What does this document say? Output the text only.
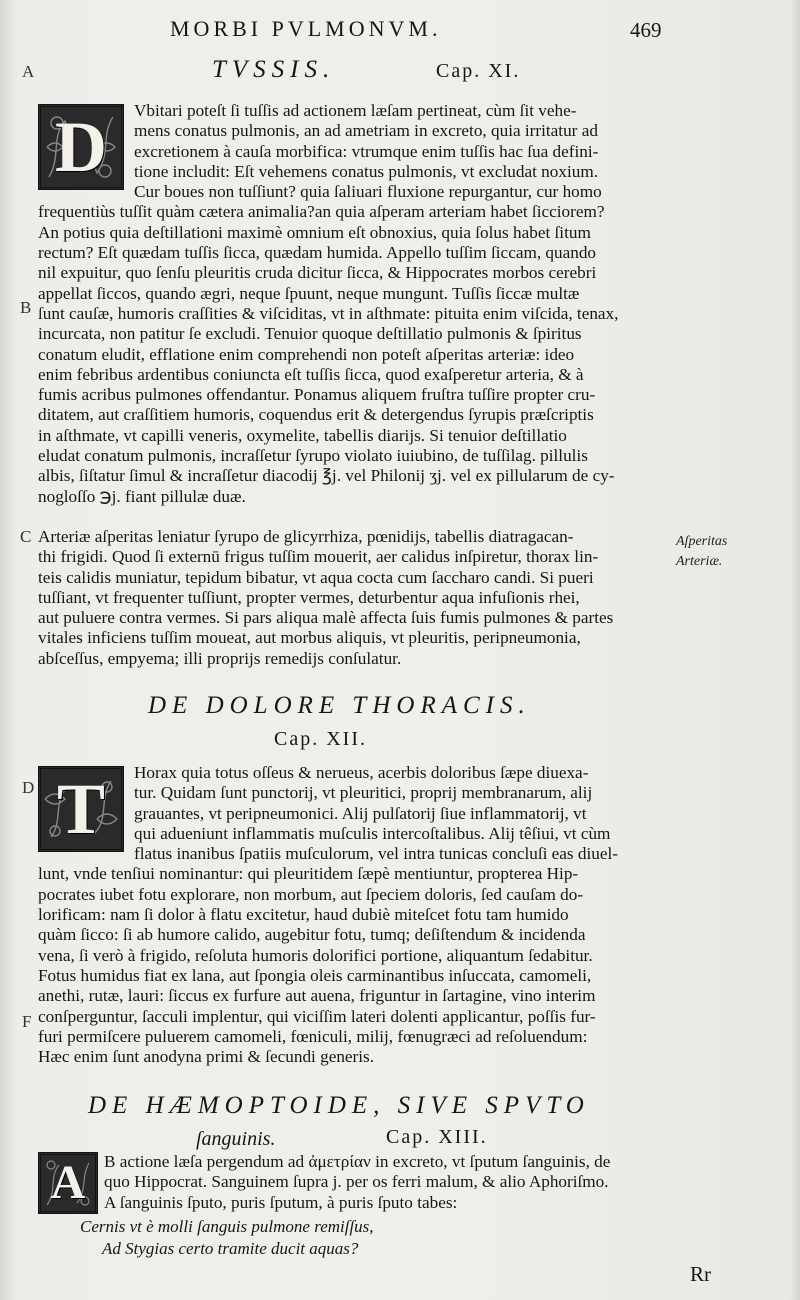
MORBI PVLMONVM.	469
A	TVSSIS.	Cap. XI.
D	Vbitari poteſt ſi tuſſis ad actionem læſam pertineat, cùm ſit vehe-
mens conatus pulmonis, an ad ametriam in excreto, quia irritatur ad
excretionem à cauſa morbifica: vtrumque enim tuſſis hac ſua defini-
tione includit: Eſt vehemens conatus pulmonis, vt excludat noxium.
Cur boues non tuſſiunt? quia ſaliuari fluxione repurgantur, cur homo
frequentiùs tuſſit quàm cætera animalia?an quia aſperam arteriam habet ſicciorem?
An potius quia deſtillationi maximè omnium eſt obnoxius, quia ſolus habet ſitum
rectum? Eſt quædam tuſſis ſicca, quædam humida. Appello tuſſim ſiccam, quando
nil expuitur, quo ſenſu pleuritis cruda dicitur ſicca, & Hippocrates morbos cerebri
appellat ſiccos, quando ægri, neque ſpuunt, neque mungunt. Tuſſis ſiccæ multæ
ſunt cauſæ, humoris craſſities & viſciditas, vt in aſthmate: pituita enim viſcida, tenax,
incurcata, non patitur ſe excludi. Tenuior quoque deſtillatio pulmonis & ſpiritus
conatum eludit, efflatione enim comprehendi non poteſt aſperitas arteriæ: ideo
enim febribus ardentibus coniuncta eſt tuſſis ſicca, quod exaſperetur arteria, & à
fumis acribus pulmones offendantur. Ponamus aliquem fruſtra tuſſire propter cru-
ditatem, aut craſſitiem humoris, coquendus erit & detergendus ſyrupis præſcriptis
in aſthmate, vt capilli veneris, oxymelite, tabellis diarijs. Si tenuior deſtillatio
eludat conatum pulmonis, incraſſetur ſyrupo violato iuiubino, de tuſſilag. pillulis
albis, ſiſtatur ſimul & incraſſetur diacodij ℥j. vel Philonij ʒj. vel ex pillularum de cy-
nogloſſo ℈j. fiant pillulæ duæ.
B
C Arteriæ aſperitas leniatur ſyrupo de glicyrrhiza, pœnidijs, tabellis diatragacan-
thi frigidi. Quod ſi externū frigus tuſſim mouerit, aer calidus inſpiretur, thorax lin-
teis calidis muniatur, tepidum bibatur, vt aqua cocta cum ſaccharo candi. Si pueri
tuſſiant, vt frequenter tuſſiunt, propter vermes, deturbentur aqua infuſionis rhei,
aut puluere contra vermes. Si pars aliqua malè affecta ſuis fumis pulmones & partes
vitales inficiens tuſſim moueat, aut morbus aliquis, vt pleuritis, peripneumonia,
abſceſſus, empyema; illi proprijs remedijs conſulatur.
Aſperitas
Arteriæ.
DE DOLORE THORACIS.
Cap. XII.
D T	Horax quia totus oſſeus & nerueus, acerbis doloribus ſæpe diuexa-
tur. Quidam ſunt punctorij, vt pleuritici, proprij membranarum, alij
grauantes, vt peripneumonici. Alij pulſatorij ſiue inflammatorij, vt
qui adueniunt inflammatis muſculis intercoſtalibus. Alij têſiui, vt cùm
flatus inanibus ſpatiis muſculorum, vel intra tunicas concluſi eas diuel-
lunt, vnde tenſiui nominantur: qui pleuritidem ſæpè mentiuntur, propterea Hip-
pocrates iubet fotu explorare, non morbum, aut ſpeciem doloris, ſed cauſam do-
lorificam: nam ſi dolor à flatu excitetur, haud dubiè miteſcet fotu tam humido
quàm ſicco: ſi ab humore calido, augebitur fotu, tumq; deſiſtendum & incidenda
vena, ſi verò à frigido, reſoluta humoris dolorifici portione, aliquantum ſedabitur.
Fotus humidus fiat ex lana, aut ſpongia oleis carminantibus inſuccata, camomeli,
anethi, rutæ, lauri: ſiccus ex furfure aut auena, friguntur in ſartagine, vino interim
conſperguntur, ſacculi implentur, qui viciſſim lateri dolenti applicantur, poſſis fur-
furi permiſcere puluerem camomeli, fœniculi, milij, fœnugræci ad reſoluendum:
Hæc enim ſunt anodyna primi & ſecundi generis.
F
DE HÆMOPTOIDE, SIVE SPVTO
ſanguinis.	Cap. XIII.
A	B actione læſa pergendum ad ἀμετρίαν in excreto, vt ſputum ſanguinis, de
quo Hippocrat. Sanguinem ſupra j. per os ferri malum, & alio Aphoriſmo.
A ſanguinis ſputo, puris ſputum, à puris ſputo tabes:
Cernis vt è molli ſanguis pulmone remiſſus,
Ad Stygias certo tramite ducit aquas?
Rr
